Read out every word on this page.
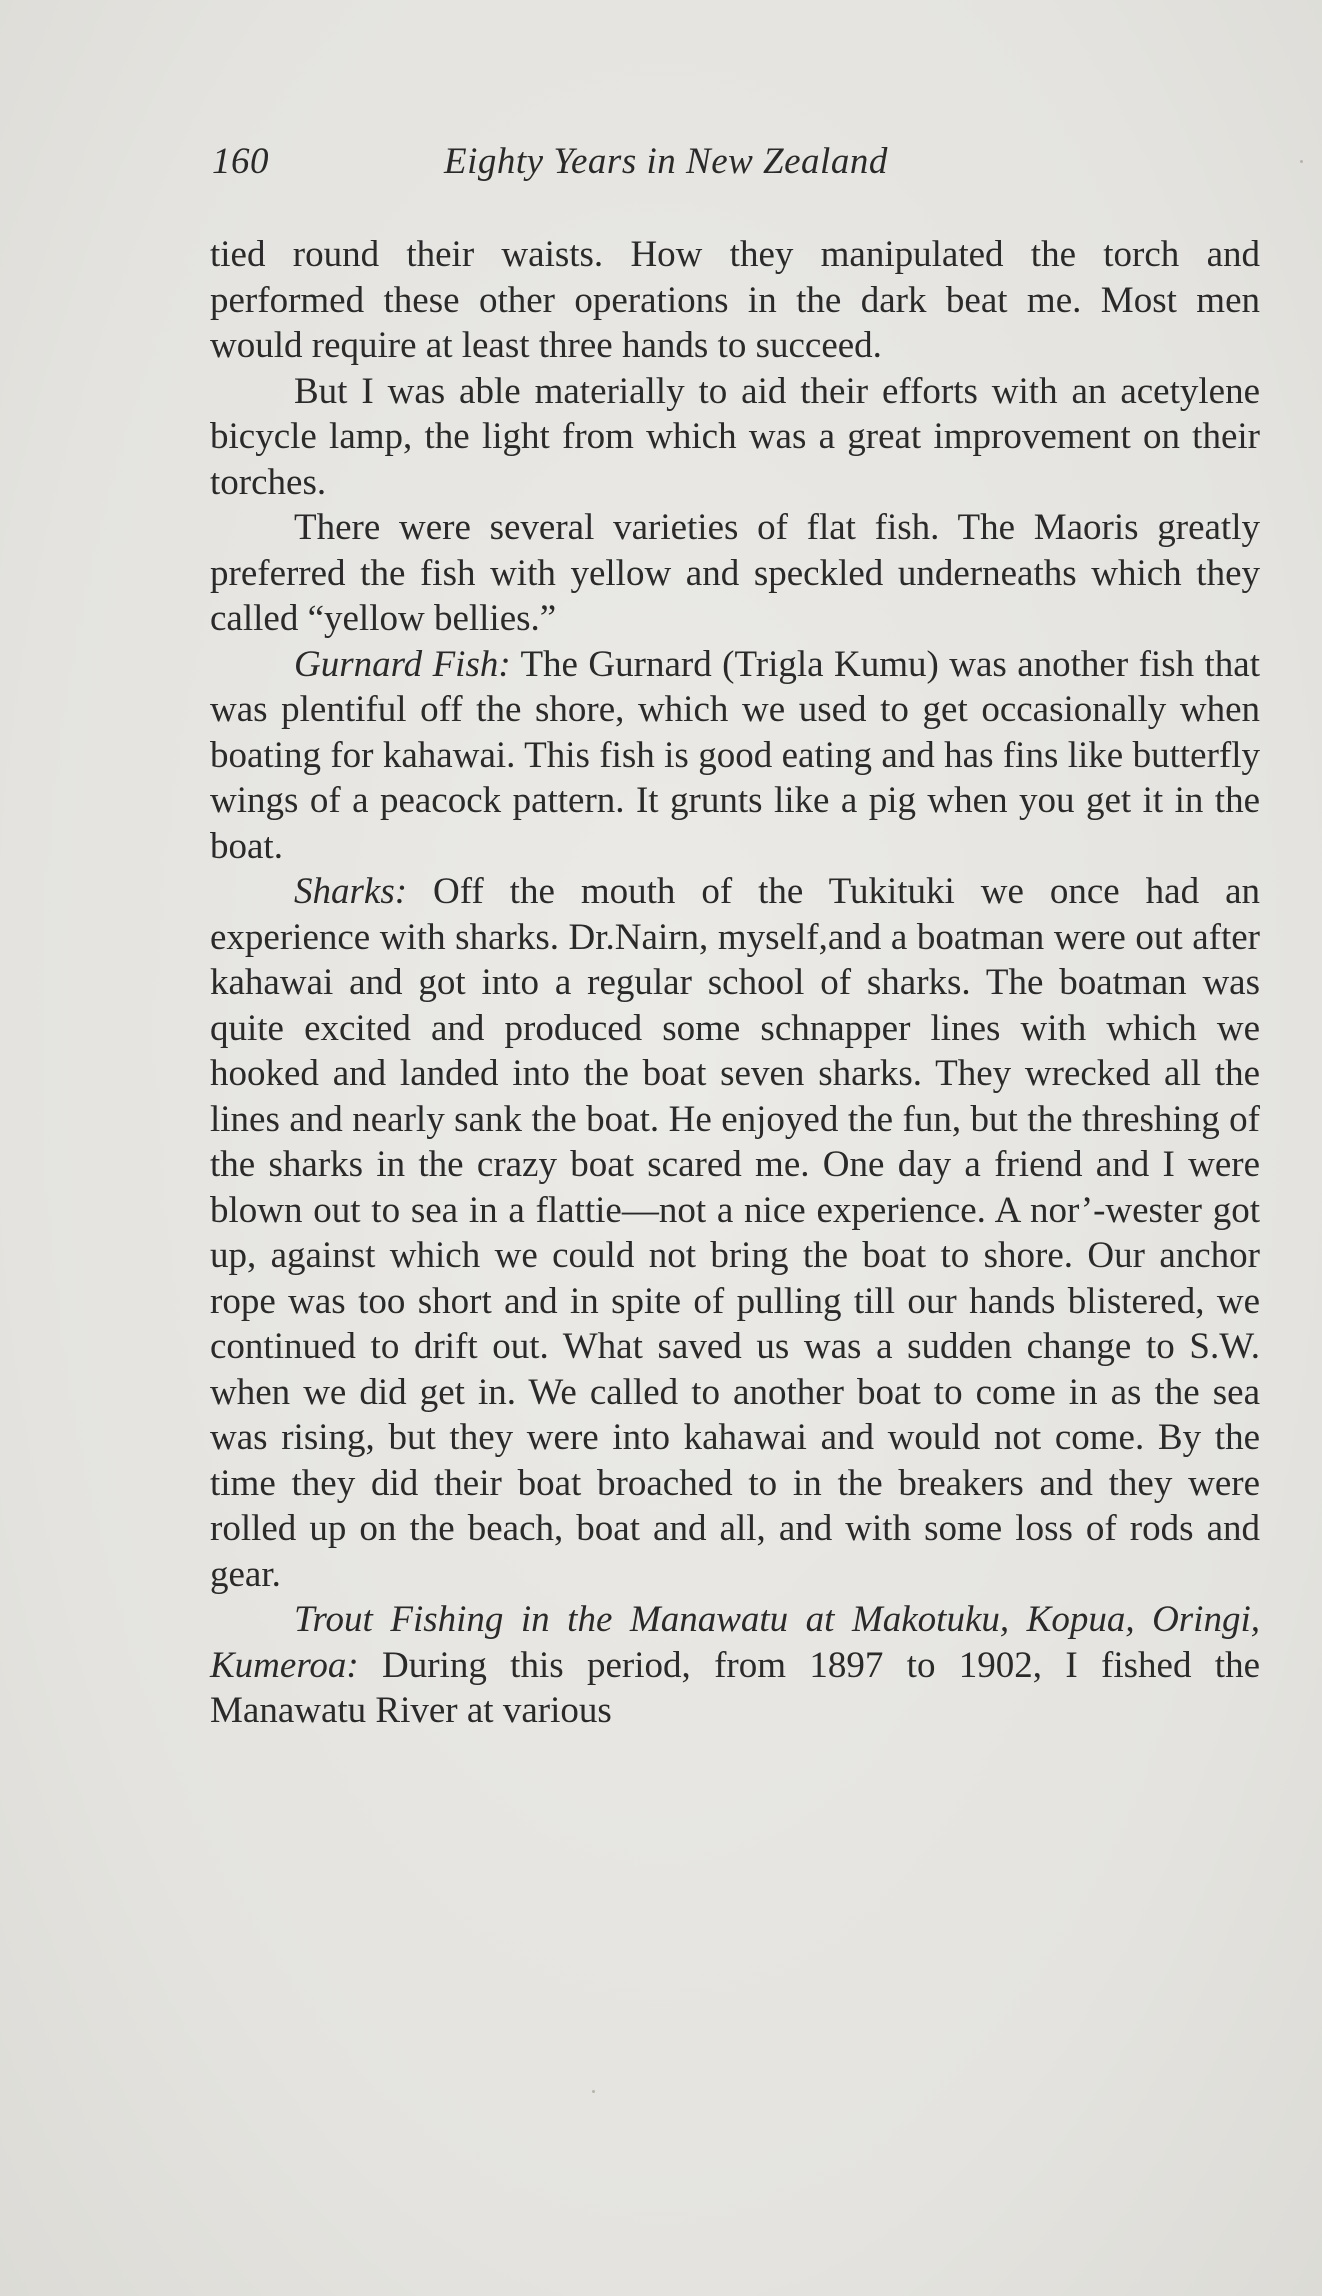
160	Eighty Years in New Zealand

tied round their waists. How they manipulated the torch and performed these other operations in the dark beat me. Most men would require at least three hands to succeed.

But I was able materially to aid their efforts with an acetylene bicycle lamp, the light from which was a great improvement on their torches.

There were several varieties of flat fish. The Maoris greatly preferred the fish with yellow and speckled underneaths which they called “yellow bellies.”

Gurnard Fish: The Gurnard (Trigla Kumu) was another fish that was plentiful off the shore, which we used to get occasionally when boating for kahawai. This fish is good eating and has fins like butterfly wings of a peacock pattern. It grunts like a pig when you get it in the boat.

Sharks: Off the mouth of the Tukituki we once had an experience with sharks. Dr.Nairn, myself,and a boatman were out after kahawai and got into a regular school of sharks. The boatman was quite excited and produced some schnapper lines with which we hooked and landed into the boat seven sharks. They wrecked all the lines and nearly sank the boat. He enjoyed the fun, but the threshing of the sharks in the crazy boat scared me. One day a friend and I were blown out to sea in a flattie—not a nice experience. A nor’-wester got up, against which we could not bring the boat to shore. Our anchor rope was too short and in spite of pulling till our hands blistered, we continued to drift out. What saved us was a sudden change to S.W. when we did get in. We called to another boat to come in as the sea was rising, but they were into kahawai and would not come. By the time they did their boat broached to in the breakers and they were rolled up on the beach, boat and all, and with some loss of rods and gear.

Trout Fishing in the Manawatu at Makotuku, Kopua, Oringi, Kumeroa: During this period, from 1897 to 1902, I fished the Manawatu River at various
